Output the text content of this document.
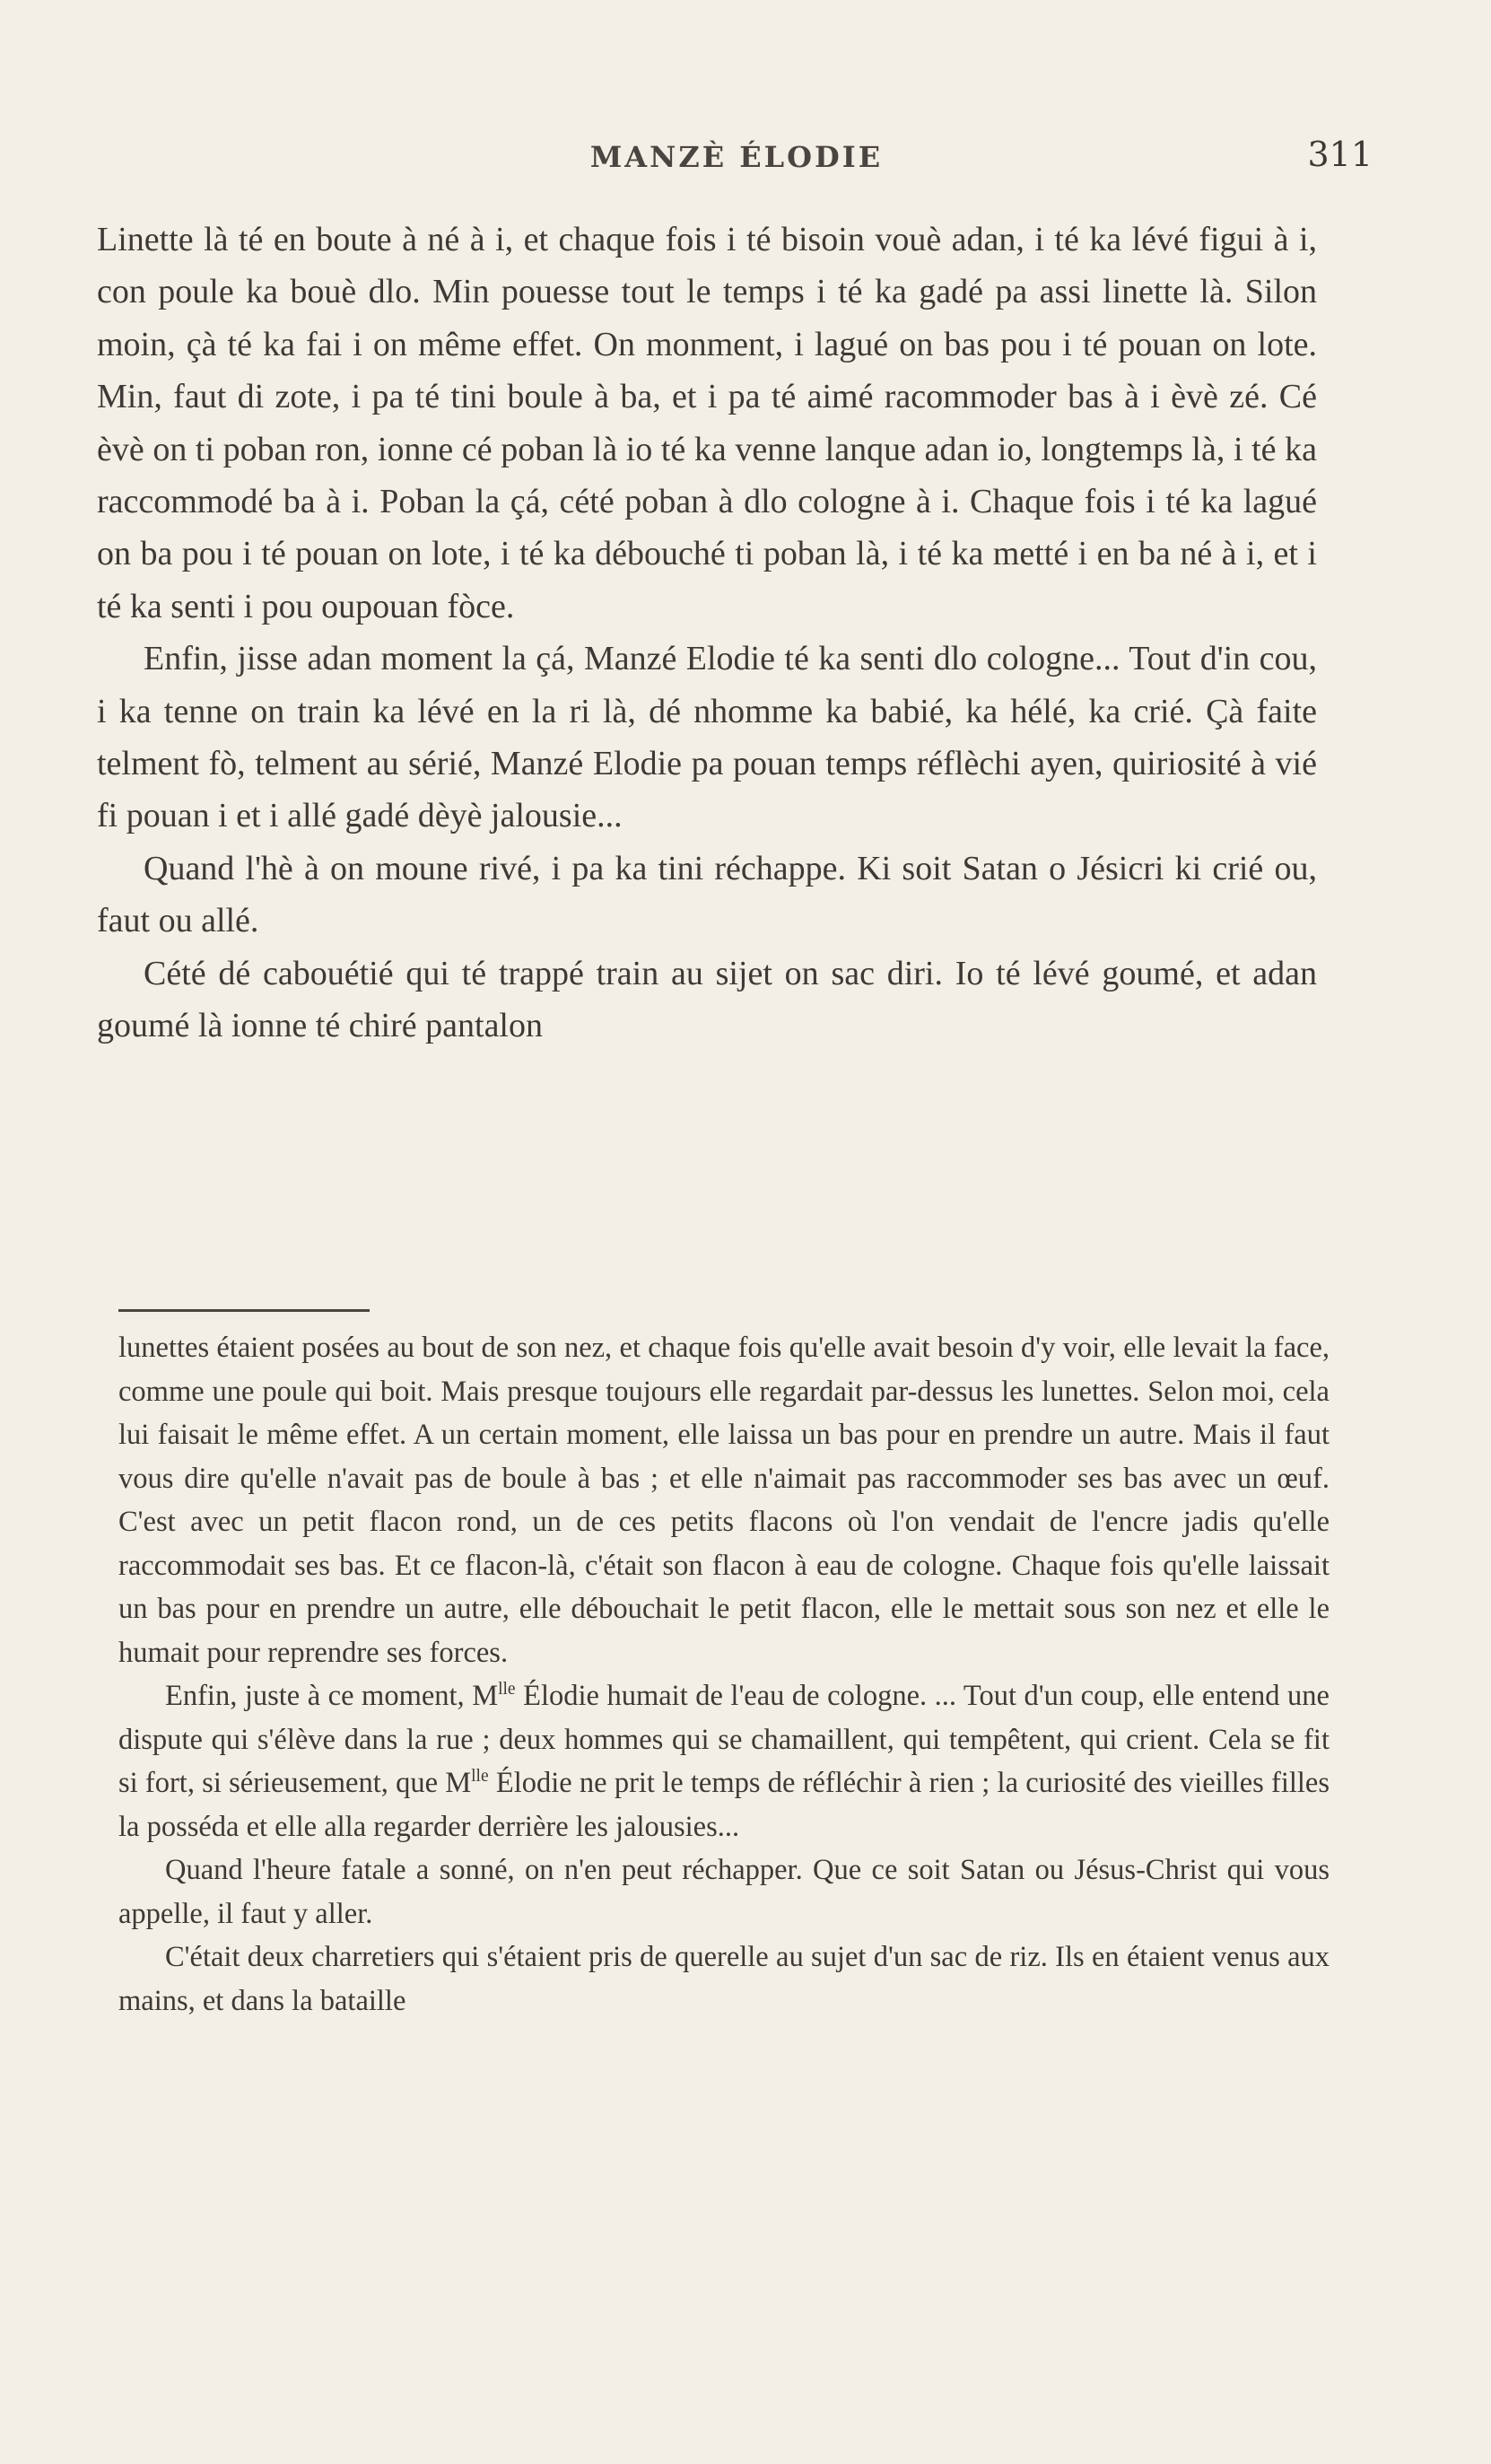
MANZÈ ÉLODIE	311

Linette là té en boute à né à i, et chaque fois i té bisoin vouè adan, i té ka lévé figui à i, con poule ka bouè dlo. Min pouesse tout le temps i té ka gadé pa assi linette là. Silon moin, çà té ka fai i on même effet. On monment, i lagué on bas pou i té pouan on lote. Min, faut di zote, i pa té tini boule à ba, et i pa té aimé racommoder bas à i èvè zé. Cé èvè on ti poban ron, ionne cé poban là io té ka venne lanque adan io, longtemps là, i té ka raccommodé ba à i. Poban la çá, cété poban à dlo cologne à i. Chaque fois i té ka lagué on ba pou i té pouan on lote, i té ka débouché ti poban là, i té ka metté i en ba né à i, et i té ka senti i pou oupouan fòce.

Enfin, jisse adan moment la çá, Manzé Elodie té ka senti dlo cologne... Tout d'in cou, i ka tenne on train ka lévé en la ri là, dé nhomme ka babié, ka hélé, ka crié. Çà faite telment fò, telment au sérié, Manzé Elodie pa pouan temps réflèchi ayen, quiriosité à vié fi pouan i et i allé gadé dèyè jalousie...

Quand l'hè à on moune rivé, i pa ka tini réchappe. Ki soit Satan o Jésicri ki crié ou, faut ou allé.

Cété dé cabouétié qui té trappé train au sijet on sac diri. Io té lévé goumé, et adan goumé là ionne té chiré pantalon

lunettes étaient posées au bout de son nez, et chaque fois qu'elle avait besoin d'y voir, elle levait la face, comme une poule qui boit. Mais presque toujours elle regardait par-dessus les lunettes. Selon moi, cela lui faisait le même effet. A un certain moment, elle laissa un bas pour en prendre un autre. Mais il faut vous dire qu'elle n'avait pas de boule à bas ; et elle n'aimait pas raccommoder ses bas avec un œuf. C'est avec un petit flacon rond, un de ces petits flacons où l'on vendait de l'encre jadis qu'elle raccommodait ses bas. Et ce flacon-là, c'était son flacon à eau de cologne. Chaque fois qu'elle laissait un bas pour en prendre un autre, elle débouchait le petit flacon, elle le mettait sous son nez et elle le humait pour reprendre ses forces.

Enfin, juste à ce moment, $M^{lle}$ Élodie humait de l'eau de cologne. ... Tout d'un coup, elle entend une dispute qui s'élève dans la rue ; deux hommes qui se chamaillent, qui tempêtent, qui crient. Cela se fit si fort, si sérieusement, que $M^{lle}$ Élodie ne prit le temps de réfléchir à rien ; la curiosité des vieilles filles la posséda et elle alla regarder derrière les jalousies...

Quand l'heure fatale a sonné, on n'en peut réchapper. Que ce soit Satan ou Jésus-Christ qui vous appelle, il faut y aller.

C'était deux charretiers qui s'étaient pris de querelle au sujet d'un sac de riz. Ils en étaient venus aux mains, et dans la bataille
